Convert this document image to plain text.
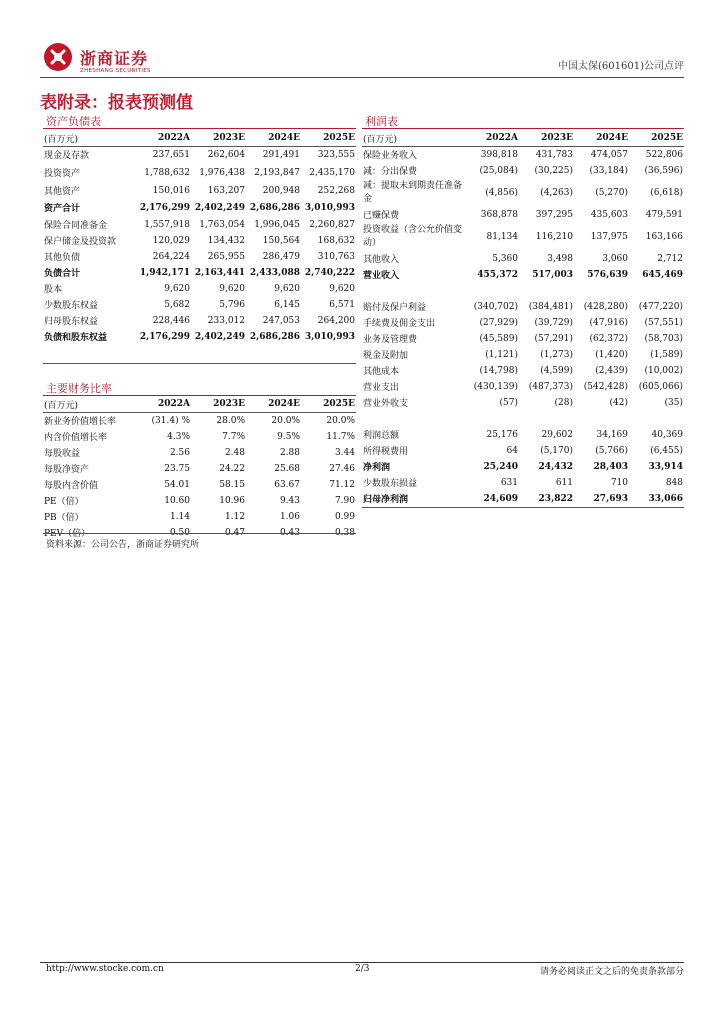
浙商证券
ZHESHANG SECURITIES	中国太保(601601)公司点评
表附录：报表预测值
资产负债表
(百万元)	2022A	2023E	2024E	2025E
现金及存款	237,651	262,604	291,491	323,555
投资资产	1,788,632	1,976,438	2,193,847	2,435,170
其他资产	150,016	163,207	200,948	252,268
资产合计	2,176,299	2,402,249	2,686,286	3,010,993
保险合同准备金	1,557,918	1,763,054	1,996,045	2,260,827
保户储金及投资款	120,029	134,432	150,564	168,632
其他负债	264,224	265,955	286,479	310,763
负债合计	1,942,171	2,163,441	2,433,088	2,740,222
股本	9,620	9,620	9,620	9,620
少数股东权益	5,682	5,796	6,145	6,571
归母股东权益	228,446	233,012	247,053	264,200
负债和股东权益	2,176,299	2,402,249	2,686,286	3,010,993
主要财务比率
(百万元)	2022A	2023E	2024E	2025E
新业务价值增长率	(31.4) %	28.0%	20.0%	20.0%
内含价值增长率	4.3%	7.7%	9.5%	11.7%
每股收益	2.56	2.48	2.88	3.44
每股净资产	23.75	24.22	25.68	27.46
每股内含价值	54.01	58.15	63.67	71.12
PE（倍）	10.60	10.96	9.43	7.90
PB（倍）	1.14	1.12	1.06	0.99
PEV（倍）	0.50	0.47	0.43	0.38
资料来源：公司公告，浙商证券研究所
利润表
(百万元)	2022A	2023E	2024E	2025E
保险业务收入	398,818	431,783	474,057	522,806
减：分出保费	(25,084)	(30,225)	(33,184)	(36,596)
减：提取未到期责任准备金	(4,856)	(4,263)	(5,270)	(6,618)
已赚保费	368,878	397,295	435,603	479,591
投资收益（含公允价值变动）	81,134	116,210	137,975	163,166
其他收入	5,360	3,498	3,060	2,712
营业收入	455,372	517,003	576,639	645,469

赔付及保户利益	(340,702)	(384,481)	(428,280)	(477,220)
手续费及佣金支出	(27,929)	(39,729)	(47,916)	(57,551)
业务及管理费	(45,589)	(57,291)	(62,372)	(58,703)
税金及附加	(1,121)	(1,273)	(1,420)	(1,589)
其他成本	(14,798)	(4,599)	(2,439)	(10,002)
营业支出	(430,139)	(487,373)	(542,428)	(605,066)
营业外收支	(57)	(28)	(42)	(35)

利润总额	25,176	29,602	34,169	40,369
所得税费用	64	(5,170)	(5,766)	(6,455)
净利润	25,240	24,432	28,403	33,914
少数股东损益	631	611	710	848
归母净利润	24,609	23,822	27,693	33,066
http://www.stocke.com.cn	2/3	请务必阅读正文之后的免责条款部分
